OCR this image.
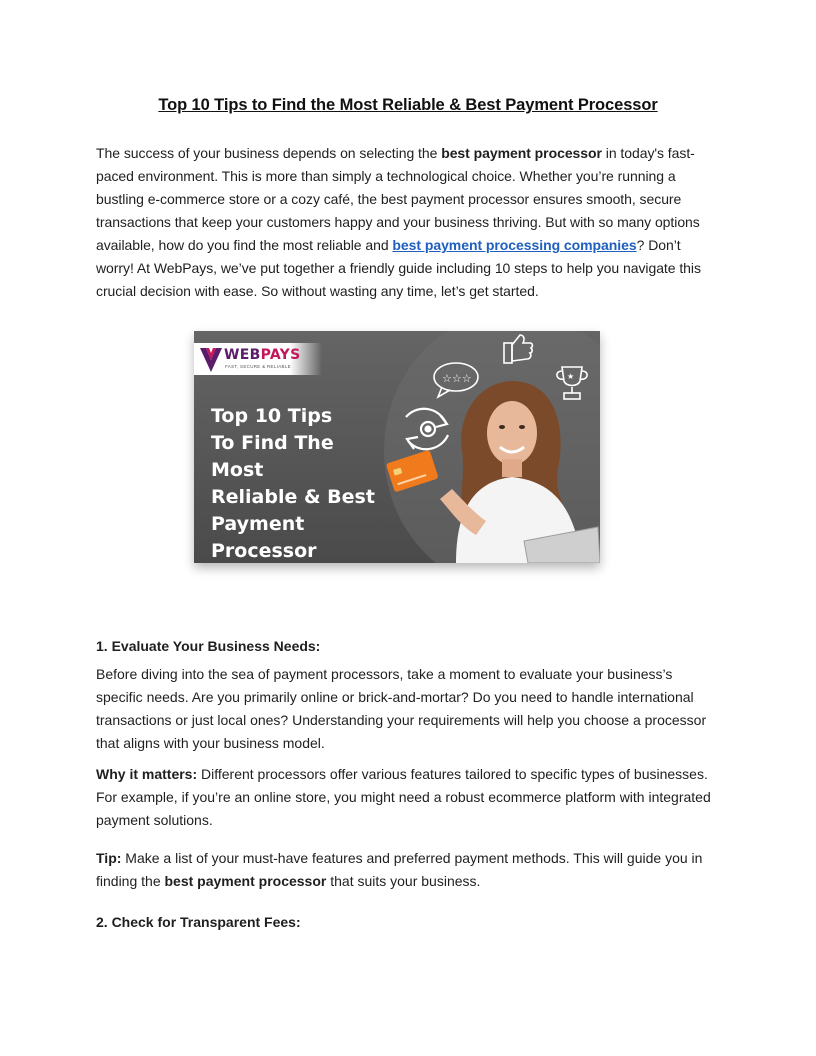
Top 10 Tips to Find the Most Reliable & Best Payment Processor

The success of your business depends on selecting the best payment processor in today's fast-paced environment. This is more than simply a technological choice. Whether you’re running a bustling e-commerce store or a cozy café, the best payment processor ensures smooth, secure transactions that keep your customers happy and your business thriving. But with so many options available, how do you find the most reliable and best payment processing companies? Don’t worry! At WebPays, we’ve put together a friendly guide including 10 steps to help you navigate this crucial decision with ease. So without wasting any time, let’s get started.

☆☆☆	★
WEBPAYS
FAST, SECURE & RELIABLE
Top 10 Tips
To Find The Most
Reliable & Best
Payment
Processor
1. Evaluate Your Business Needs:

Before diving into the sea of payment processors, take a moment to evaluate your business’s specific needs. Are you primarily online or brick-and-mortar? Do you need to handle international transactions or just local ones? Understanding your requirements will help you choose a processor that aligns with your business model.

Why it matters: Different processors offer various features tailored to specific types of businesses. For example, if you’re an online store, you might need a robust ecommerce platform with integrated payment solutions.

Tip: Make a list of your must-have features and preferred payment methods. This will guide you in finding the best payment processor that suits your business.

2. Check for Transparent Fees:
